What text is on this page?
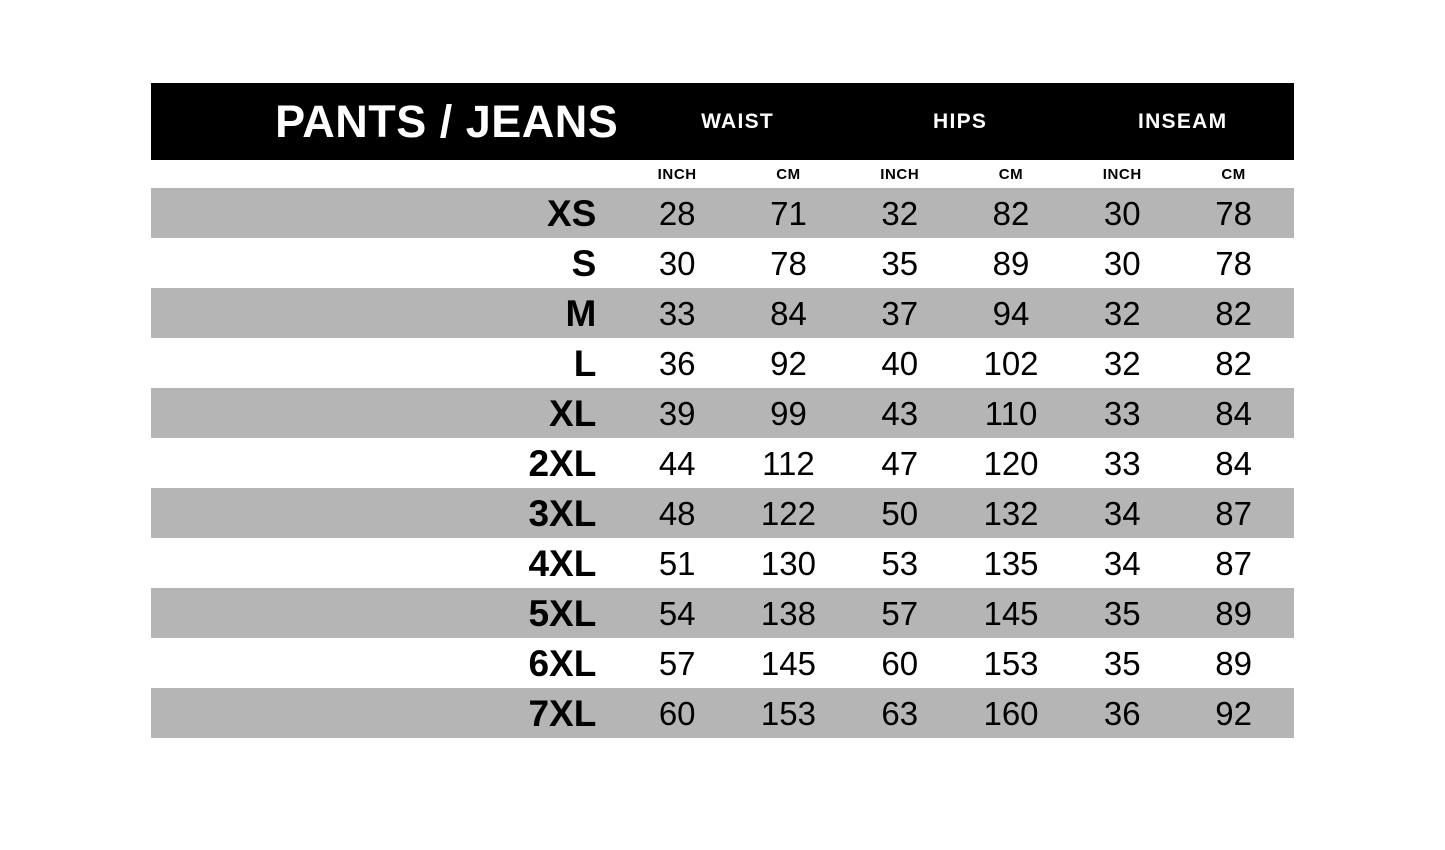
PANTS / JEANS	WAIST		HIPS		INSEAM	
	INCH	CM	INCH	CM	INCH	CM
XS	28	71	32	82	30	78
S	30	78	35	89	30	78
M	33	84	37	94	32	82
L	36	92	40	102	32	82
XL	39	99	43	110	33	84
2XL	44	112	47	120	33	84
3XL	48	122	50	132	34	87
4XL	51	130	53	135	34	87
5XL	54	138	57	145	35	89
6XL	57	145	60	153	35	89
7XL	60	153	63	160	36	92
